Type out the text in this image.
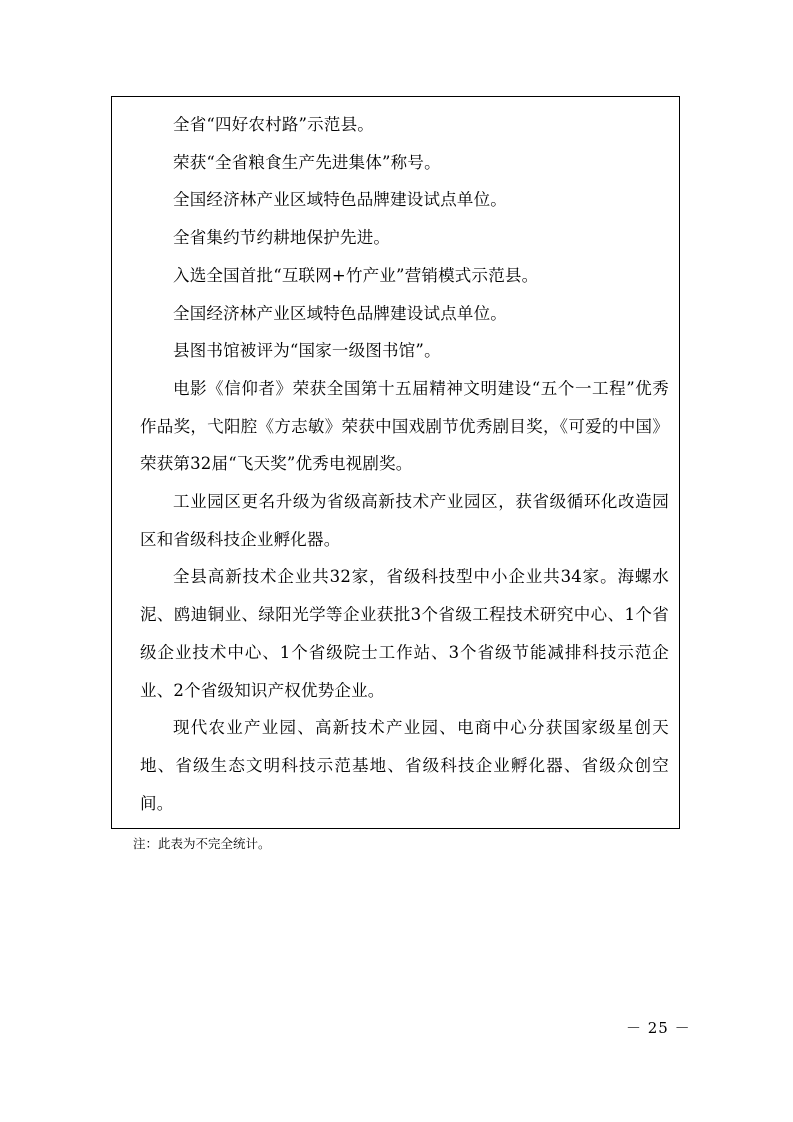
全省“四好农村路”示范县。

荣获“全省粮食生产先进集体”称号。

全国经济林产业区域特色品牌建设试点单位。

全省集约节约耕地保护先进。

入选全国首批“互联网+竹产业”营销模式示范县。

全国经济林产业区域特色品牌建设试点单位。

县图书馆被评为“国家一级图书馆”。

电影《信仰者》荣获全国第十五届精神文明建设“五个一工程”优秀作品奖，弋阳腔《方志敏》荣获中国戏剧节优秀剧目奖，《可爱的中国》荣获第32届“飞天奖”优秀电视剧奖。

工业园区更名升级为省级高新技术产业园区，获省级循环化改造园区和省级科技企业孵化器。

全县高新技术企业共32家，省级科技型中小企业共34家。海螺水泥、鸥迪铜业、绿阳光学等企业获批3个省级工程技术研究中心、1个省级企业技术中心、1个省级院士工作站、3个省级节能减排科技示范企业、2个省级知识产权优势企业。

现代农业产业园、高新技术产业园、电商中心分获国家级星创天地、省级生态文明科技示范基地、省级科技企业孵化器、省级众创空间。

注：此表为不完全统计。

－ 25 －
